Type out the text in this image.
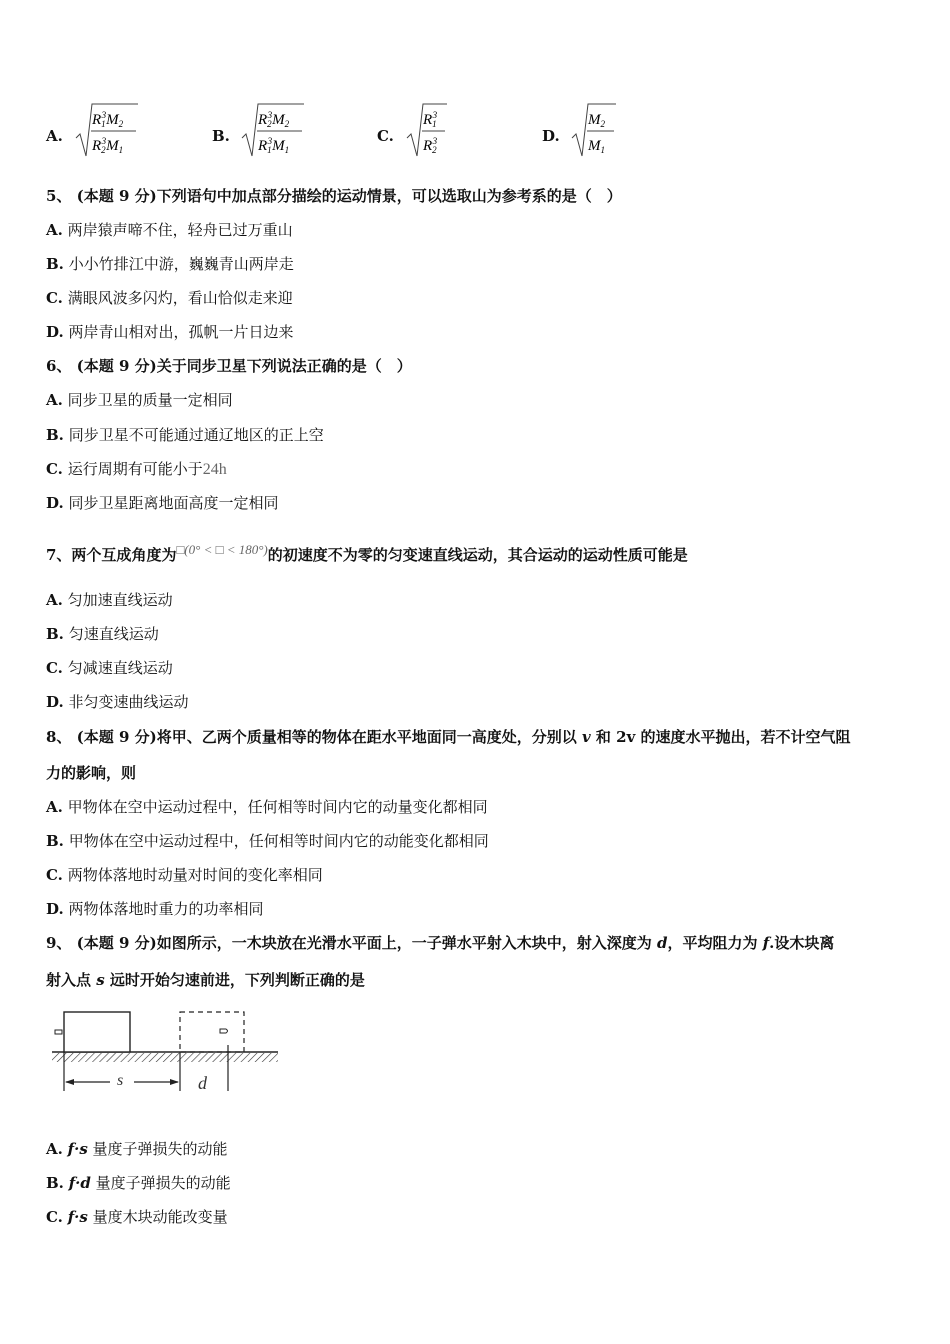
A.
$R_13M_2$
$R_23M_1$
B.
$R_23M_2$
$R_13M_1$
C.
$R_13$
$R_23$	D.
$M_2$
$M_1$
5、 (本题 9 分)下列语句中加点部分描绘的运动情景，可以选取山为参考系的是（　）
A. 两岸猿声啼不住，轻舟已过万重山
B. 小小竹排江中游，巍巍青山两岸走
C. 满眼风波多闪灼，看山恰似走来迎
D. 两岸青山相对出，孤帆一片日边来
6、 (本题 9 分)关于同步卫星下列说法正确的是（　）
A. 同步卫星的质量一定相同
B. 同步卫星不可能通过通辽地区的正上空
C. 运行周期有可能小于24h
D. 同步卫星距离地面高度一定相同
7、两个互成角度为□(0° < □ < 180°)的初速度不为零的匀变速直线运动，其合运动的运动性质可能是
A. 匀加速直线运动
B. 匀速直线运动
C. 匀减速直线运动
D. 非匀变速曲线运动
8、 (本题 9 分)将甲、乙两个质量相等的物体在距水平地面同一高度处，分别以 v 和 2v 的速度水平抛出，若不计空气阻
力的影响，则
A. 甲物体在空中运动过程中，任何相等时间内它的动量变化都相同
B. 甲物体在空中运动过程中，任何相等时间内它的动能变化都相同
C. 两物体落地时动量对时间的变化率相同
D. 两物体落地时重力的功率相同
9、 (本题 9 分)如图所示，一木块放在光滑水平面上，一子弹水平射入木块中，射入深度为 d，平均阻力为 f.设木块离
射入点 s 远时开始匀速前进，下列判断正确的是
s	d
A. f·s 量度子弹损失的动能
B. f·d 量度子弹损失的动能
C. f·s 量度木块动能改变量
